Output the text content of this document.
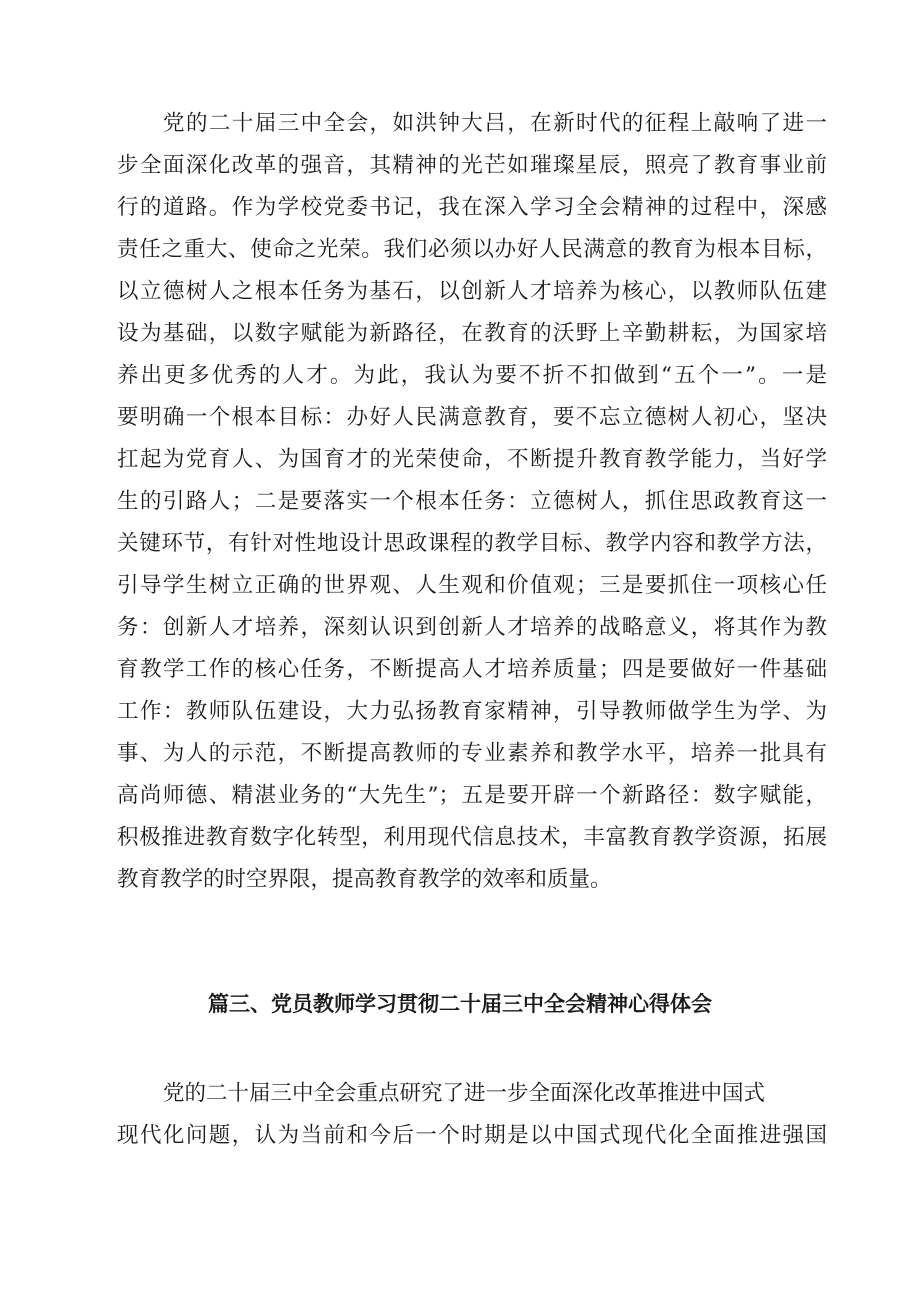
党的二十届三中全会，如洪钟大吕，在新时代的征程上敲响了进一
步全面深化改革的强音，其精神的光芒如璀璨星辰，照亮了教育事业前
行的道路。作为学校党委书记，我在深入学习全会精神的过程中，深感
责任之重大、使命之光荣。我们必须以办好人民满意的教育为根本目标，
以立德树人之根本任务为基石，以创新人才培养为核心，以教师队伍建
设为基础，以数字赋能为新路径，在教育的沃野上辛勤耕耘，为国家培
养出更多优秀的人才。为此，我认为要不折不扣做到“五个一”。一是
要明确一个根本目标：办好人民满意教育，要不忘立德树人初心，坚决
扛起为党育人、为国育才的光荣使命，不断提升教育教学能力，当好学
生的引路人；二是要落实一个根本任务：立德树人，抓住思政教育这一
关键环节，有针对性地设计思政课程的教学目标、教学内容和教学方法，
引导学生树立正确的世界观、人生观和价值观；三是要抓住一项核心任
务：创新人才培养，深刻认识到创新人才培养的战略意义，将其作为教
育教学工作的核心任务，不断提高人才培养质量；四是要做好一件基础
工作：教师队伍建设，大力弘扬教育家精神，引导教师做学生为学、为
事、为人的示范，不断提高教师的专业素养和教学水平，培养一批具有
高尚师德、精湛业务的“大先生”；五是要开辟一个新路径：数字赋能，
积极推进教育数字化转型，利用现代信息技术，丰富教育教学资源，拓展
教育教学的时空界限，提高教育教学的效率和质量。
篇三、党员教师学习贯彻二十届三中全会精神心得体会
党的二十届三中全会重点研究了进一步全面深化改革推进中国式
现代化问题，认为当前和今后一个时期是以中国式现代化全面推进强国
